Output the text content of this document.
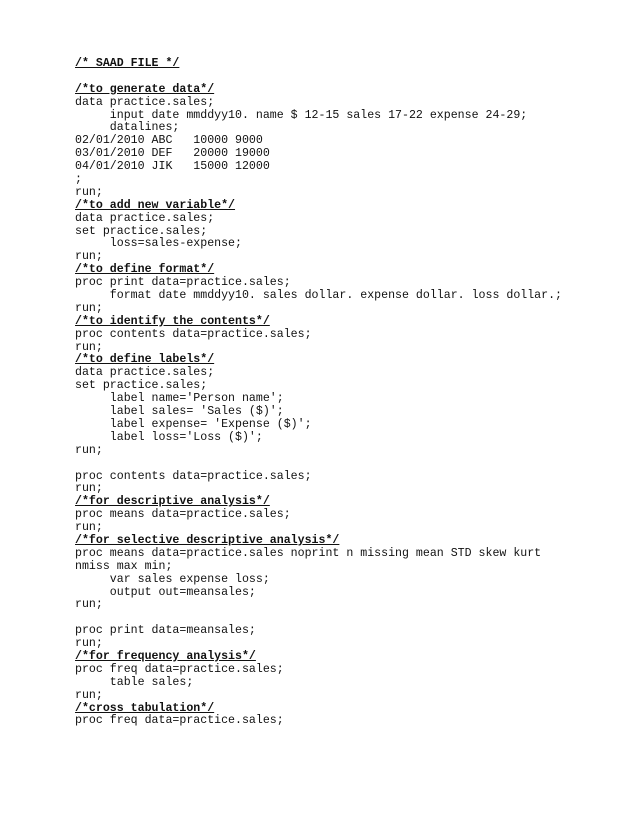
/* SAAD FILE */
/*to generate data*/
data practice.sales;
input date mmddyy10. name $ 12-15 sales 17-22 expense 24-29;
datalines;
02/01/2010 ABC   10000 9000
03/01/2010 DEF   20000 19000
04/01/2010 JIK   15000 12000
;
run;
/*to add new variable*/
data practice.sales;
set practice.sales;
loss=sales-expense;
run;
/*to define format*/
proc print data=practice.sales;
format date mmddyy10. sales dollar. expense dollar. loss dollar.;
run;
/*to identify the contents*/
proc contents data=practice.sales;
run;
/*to define labels*/
data practice.sales;
set practice.sales;
label name='Person name';
label sales= 'Sales ($)';
label expense= 'Expense ($)';
label loss='Loss ($)';
run;
proc contents data=practice.sales;
run;
/*for descriptive analysis*/
proc means data=practice.sales;
run;
/*for selective descriptive analysis*/
proc means data=practice.sales noprint n missing mean STD skew kurt
nmiss max min;
var sales expense loss;
output out=meansales;
run;
proc print data=meansales;
run;
/*for frequency analysis*/
proc freq data=practice.sales;
table sales;
run;
/*cross tabulation*/
proc freq data=practice.sales;
